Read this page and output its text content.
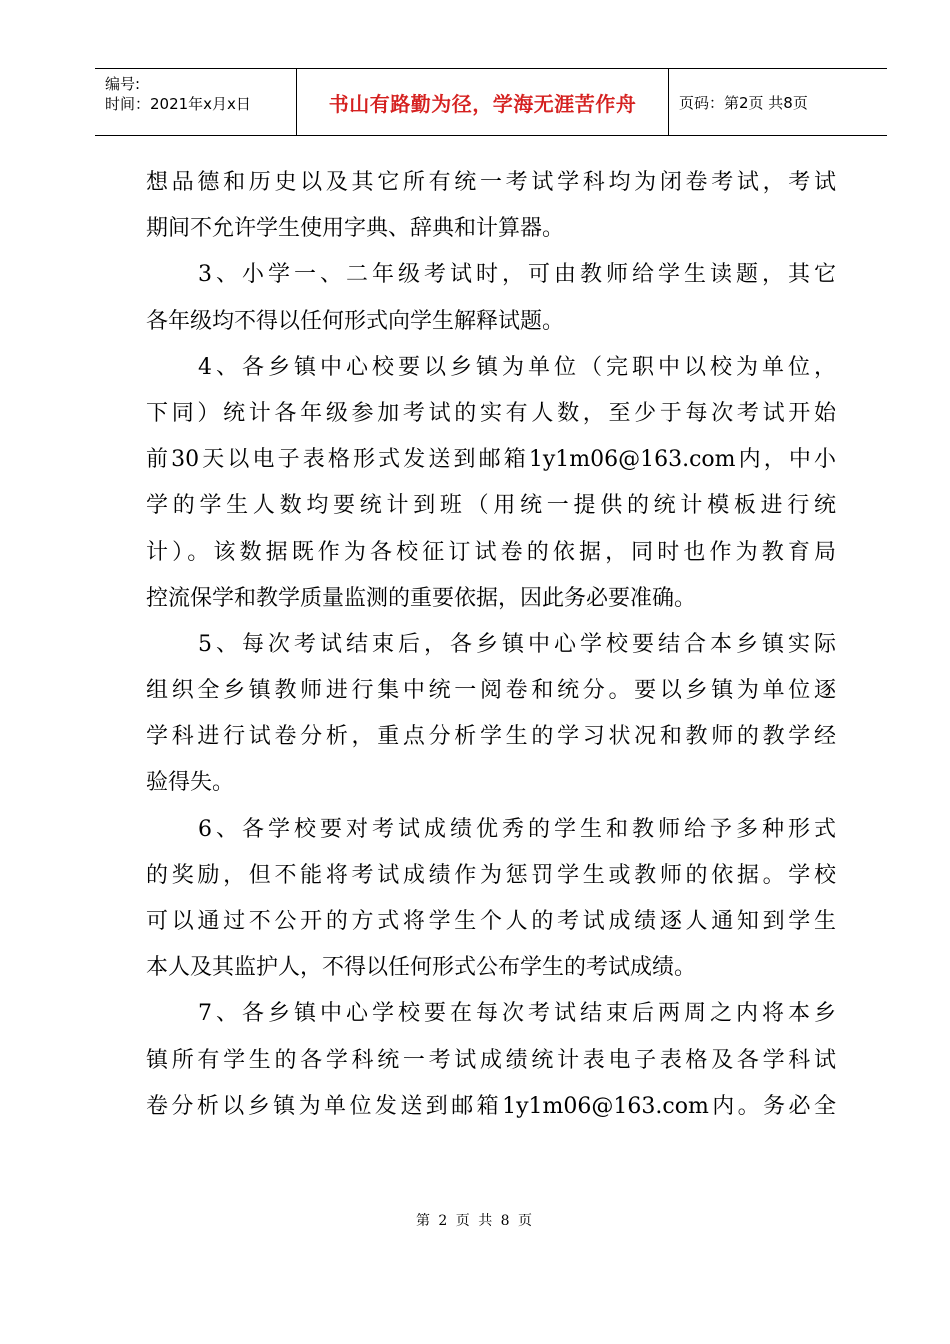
编号:
时间：2021年x月x日	书山有路勤为径，学海无涯苦作舟	页码：第2页 共8页
想品德和历史以及其它所有统一考试学科均为闭卷考试，考试
期间不允许学生使用字典、辞典和计算器。
　　3、小学一、二年级考试时，可由教师给学生读题，其它
各年级均不得以任何形式向学生解释试题。
　　4、各乡镇中心校要以乡镇为单位（完职中以校为单位，
下同）统计各年级参加考试的实有人数，至少于每次考试开始
前30天以电子表格形式发送到邮箱1y1m06@163.com内，中小
学的学生人数均要统计到班（用统一提供的统计模板进行统
计）。该数据既作为各校征订试卷的依据，同时也作为教育局
控流保学和教学质量监测的重要依据，因此务必要准确。
　　5、每次考试结束后，各乡镇中心学校要结合本乡镇实际
组织全乡镇教师进行集中统一阅卷和统分。要以乡镇为单位逐
学科进行试卷分析，重点分析学生的学习状况和教师的教学经
验得失。
　　6、各学校要对考试成绩优秀的学生和教师给予多种形式
的奖励，但不能将考试成绩作为惩罚学生或教师的依据。学校
可以通过不公开的方式将学生个人的考试成绩逐人通知到学生
本人及其监护人，不得以任何形式公布学生的考试成绩。
　　7、各乡镇中心学校要在每次考试结束后两周之内将本乡
镇所有学生的各学科统一考试成绩统计表电子表格及各学科试
卷分析以乡镇为单位发送到邮箱1y1m06@163.com内。务必全
第 2 页 共 8 页
